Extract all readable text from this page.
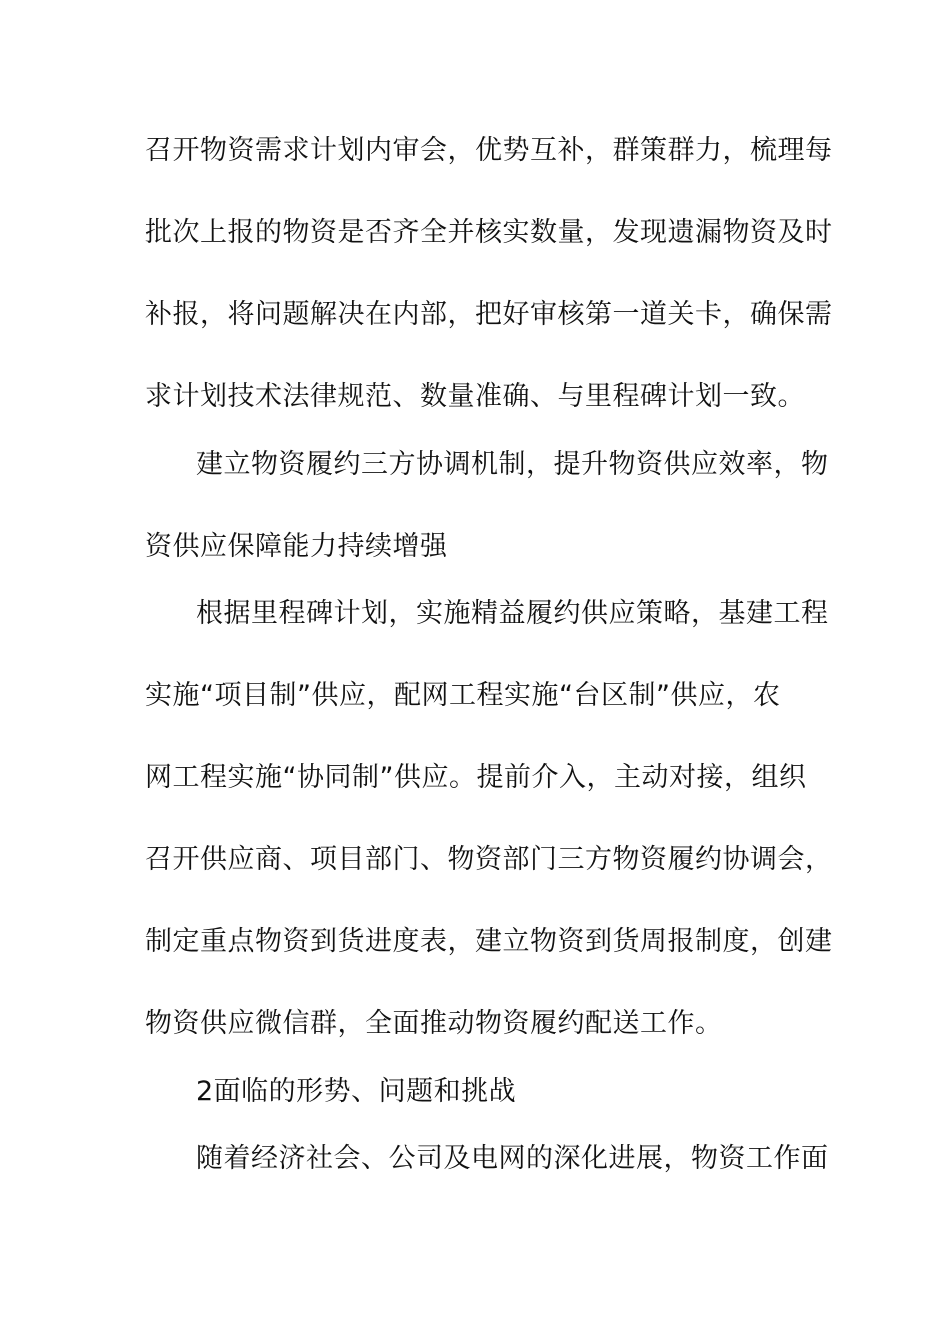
召开物资需求计划内审会，优势互补，群策群力，梳理每
批次上报的物资是否齐全并核实数量，发现遗漏物资及时
补报，将问题解决在内部，把好审核第一道关卡，确保需
求计划技术法律规范、数量准确、与里程碑计划一致。
建立物资履约三方协调机制，提升物资供应效率，物
资供应保障能力持续增强
根据里程碑计划，实施精益履约供应策略，基建工程
实施“项目制”供应，配网工程实施“台区制”供应，农
网工程实施“协同制”供应。提前介入，主动对接，组织
召开供应商、项目部门、物资部门三方物资履约协调会，
制定重点物资到货进度表，建立物资到货周报制度，创建
物资供应微信群，全面推动物资履约配送工作。
2面临的形势、问题和挑战
随着经济社会、公司及电网的深化进展，物资工作面
